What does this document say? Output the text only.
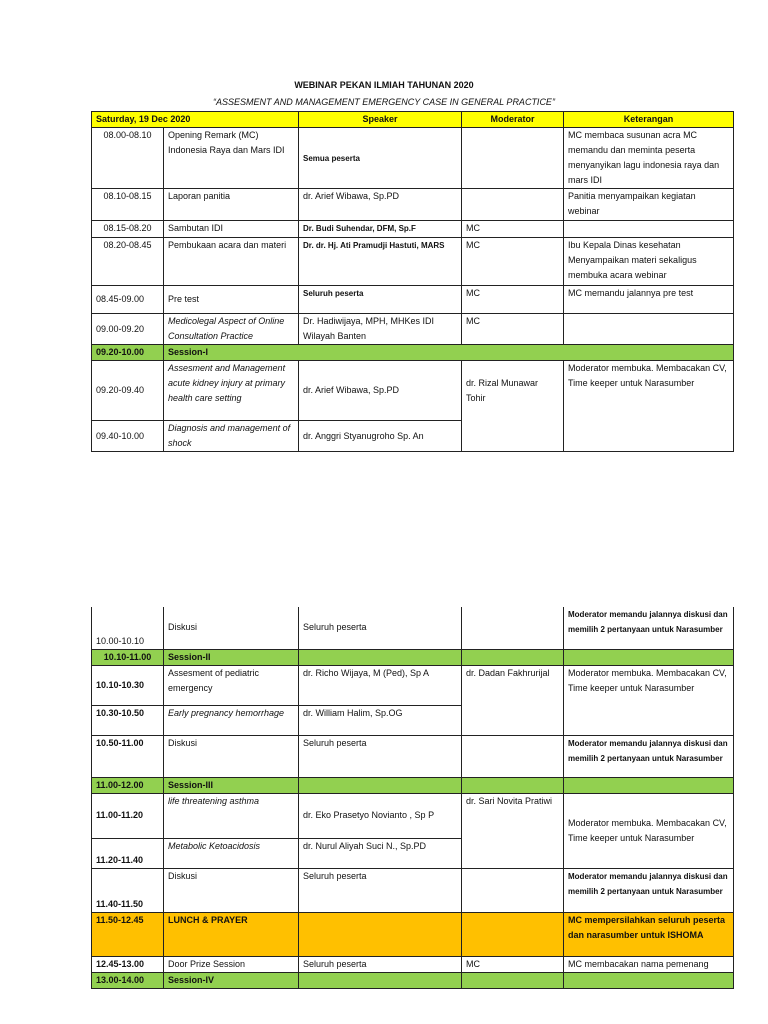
WEBINAR PEKAN ILMIAH TAHUNAN 2020
“ASSESMENT AND MANAGEMENT EMERGENCY CASE IN GENERAL PRACTICE”
Saturday, 19 Dec 2020		Speaker	Moderator	Keterangan
08.00-08.10	Opening Remark (MC) Indonesia Raya dan Mars IDI	Semua peserta		MC membaca susunan acra MC memandu dan meminta peserta menyanyikan lagu indonesia raya dan mars IDI
08.10-08.15	Laporan panitia	dr. Arief Wibawa, Sp.PD		Panitia menyampaikan kegiatan webinar
08.15-08.20	Sambutan IDI	Dr. Budi Suhendar, DFM, Sp.F	MC	
08.20-08.45	Pembukaan acara dan materi	Dr. dr. Hj. Ati Pramudji Hastuti, MARS	MC	Ibu Kepala Dinas kesehatan Menyampaikan materi sekaligus membuka acara webinar
08.45-09.00	Pre test	Seluruh peserta	MC	MC memandu jalannya pre test
09.00-09.20	Medicolegal Aspect of Online Consultation Practice	Dr. Hadiwijaya, MPH, MHKes IDI Wilayah Banten	MC	
09.20-10.00	Session-I			
09.20-09.40	Assesment and Management acute kidney injury at primary health care setting	dr. Arief Wibawa, Sp.PD	dr. Rizal Munawar Tohir	Moderator membuka. Membacakan CV, Time keeper untuk Narasumber
09.40-10.00	Diagnosis and management of shock	dr. Anggri Styanugroho Sp. An		
10.00-10.10	Diskusi	Seluruh peserta		Moderator memandu jalannya diskusi dan memilih 2 pertanyaan untuk Narasumber
10.10-11.00	Session-II			
10.10-10.30	Assesment of pediatric emergency	dr. Richo Wijaya, M (Ped), Sp A	dr. Dadan Fakhrurijal	Moderator membuka. Membacakan CV, Time keeper untuk Narasumber
10.30-10.50	Early pregnancy hemorrhage	dr. William Halim, Sp.OG		
10.50-11.00	Diskusi	Seluruh peserta		Moderator memandu jalannya diskusi dan memilih 2 pertanyaan untuk Narasumber
11.00-12.00	Session-III			
11.00-11.20	life threatening asthma	dr. Eko Prasetyo Novianto , Sp P	dr. Sari Novita Pratiwi	Moderator membuka. Membacakan CV, Time keeper untuk Narasumber
11.20-11.40	Metabolic Ketoacidosis	dr. Nurul Aliyah Suci N., Sp.PD		
11.40-11.50	Diskusi	Seluruh peserta		Moderator memandu jalannya diskusi dan memilih 2 pertanyaan untuk Narasumber
11.50-12.45	LUNCH & PRAYER			MC mempersilahkan seluruh peserta dan narasumber untuk ISHOMA
12.45-13.00	Door Prize Session	Seluruh peserta	MC	MC membacakan nama pemenang
13.00-14.00	Session-IV			
